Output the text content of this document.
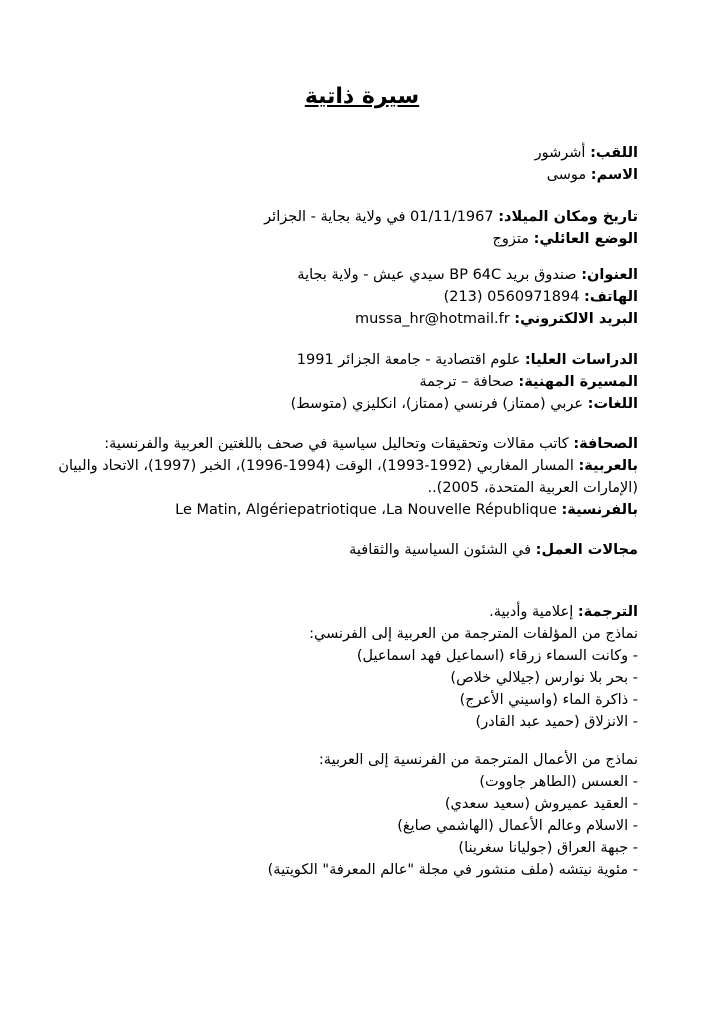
سيرة ذاتية
اللقب: أشرشور
الاسم: موسى
تاريخ ومكان الميلاد: 01/11/1967 في ولاية بجاية - الجزائر
الوضع العائلي: متزوج
العنوان: صندوق بريد BP 64C سيدي عيش - ولاية بجاية
الهاتف: (213) 0560971894
البريد الالكتروني: mussa_hr@hotmail.fr
الدراسات العليا: علوم اقتصادية - جامعة الجزائر 1991
المسيرة المهنية: صحافة – ترجمة
اللغات: عربي (ممتاز) فرنسي (ممتاز)، انكليزي (متوسط)
الصحافة: كاتب مقالات وتحقيقات وتحاليل سياسية في صحف باللغتين العربية والفرنسية:
بالعربية: المسار المغاربي (1992-1993)، الوقت (1994-1996)، الخبر (1997)، الاتحاد والبيان (الإمارات العربية المتحدة، 2005)..
بالفرنسية: Le Matin, Algériepatriotique ،La Nouvelle République
مجالات العمل: في الشئون السياسية والثقافية
الترجمة: إعلامية وأدبية.
نماذج من المؤلفات المترجمة من العربية إلى الفرنسي:
- وكانت السماء زرقاء (اسماعيل فهد اسماعيل)
- بحر بلا نوارس (جيلالي خلاص)
- ذاكرة الماء (واسيني الأعرج)
- الانزلاق (حميد عبد القادر)
نماذج من الأعمال المترجمة من الفرنسية إلى العربية:
- العسس (الطاهر جاووت)
- العقيد عميروش (سعيد سعدي)
- الاسلام وعالم الأعمال (الهاشمي صايغ)
- جبهة العراق (جوليانا سغرينا)
- مئوية نيتشه (ملف منشور في مجلة "عالم المعرفة" الكويتية)
